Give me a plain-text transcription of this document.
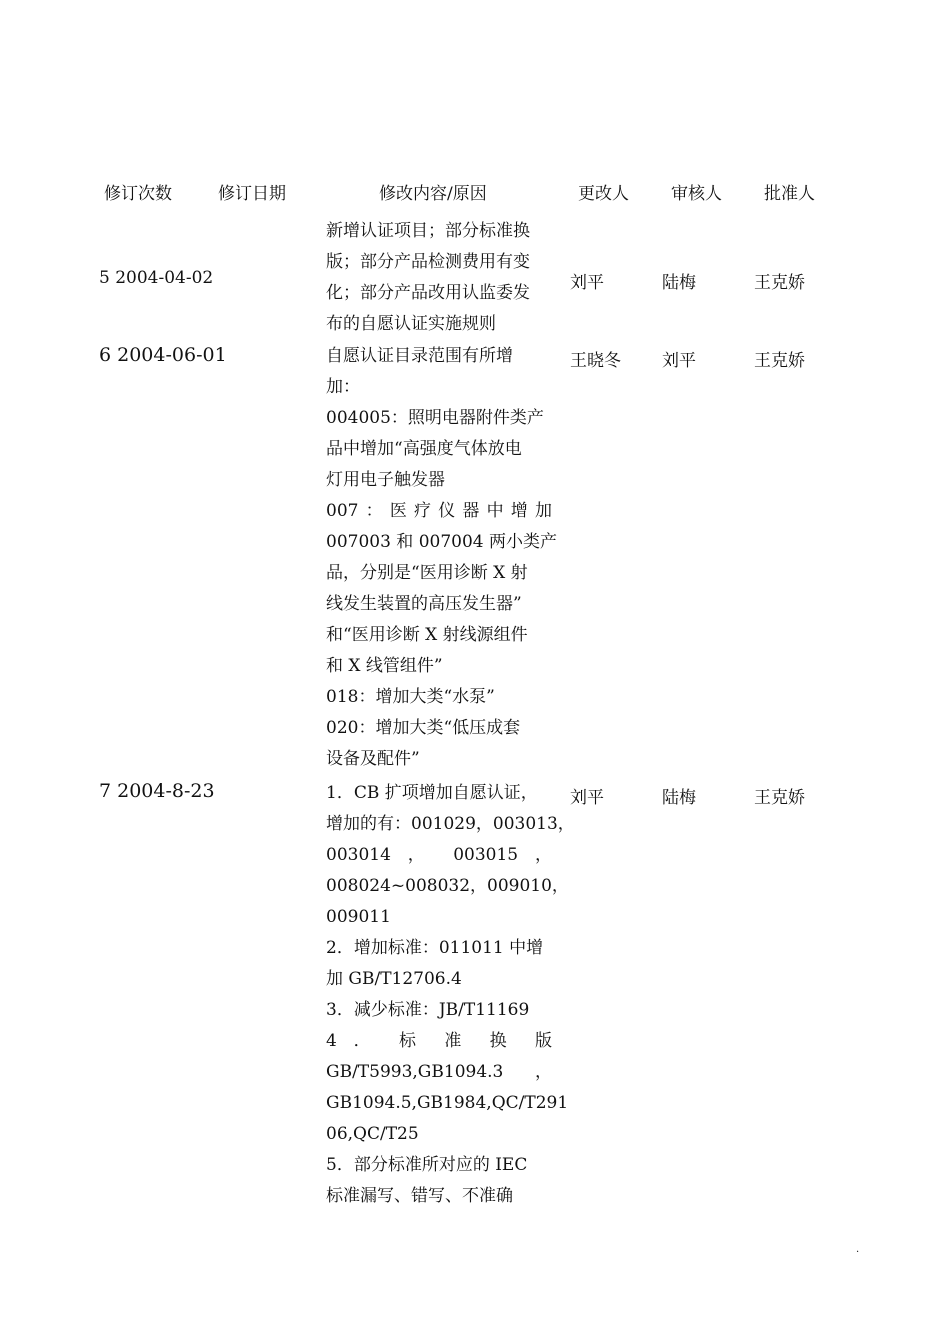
修订次数	修订日期	修改内容/原因	更改人 审核人 批准人
5 2004-04-02
新增认证项目；部分标准换
版；部分产品检测费用有变
化；部分产品改用认监委发
布的自愿认证实施规则
刘平	陆梅	王克娇
6 2004-06-01	自愿认证目录范围有所增
加：
004005：照明电器附件类产
品中增加“高强度气体放电
灯用电子触发器
007：医疗仪器中增加
007003 和 007004 两小类产
品，分别是“医用诊断 X 射
线发生装置的高压发生器”
和“医用诊断 X 射线源组件
和 X 线管组件”
018：增加大类“水泵”
020：增加大类“低压成套
设备及配件”
王晓冬 刘平	王克娇
7 2004-8-23	1．CB 扩项增加自愿认证，
增加的有：001029，003013，
003014 ， 003015 ，
008024~008032，009010，
009011
2．增加标准：011011 中增
加 GB/T12706.4
3．减少标准：JB/T11169
4 ． 标 准 换 版
GB/T5993,GB1094.3 ，
GB1094.5,GB1984,QC/T291
06,QC/T25
5．部分标准所对应的 IEC
标准漏写、错写、不准确
刘平	陆梅	王克娇
.
